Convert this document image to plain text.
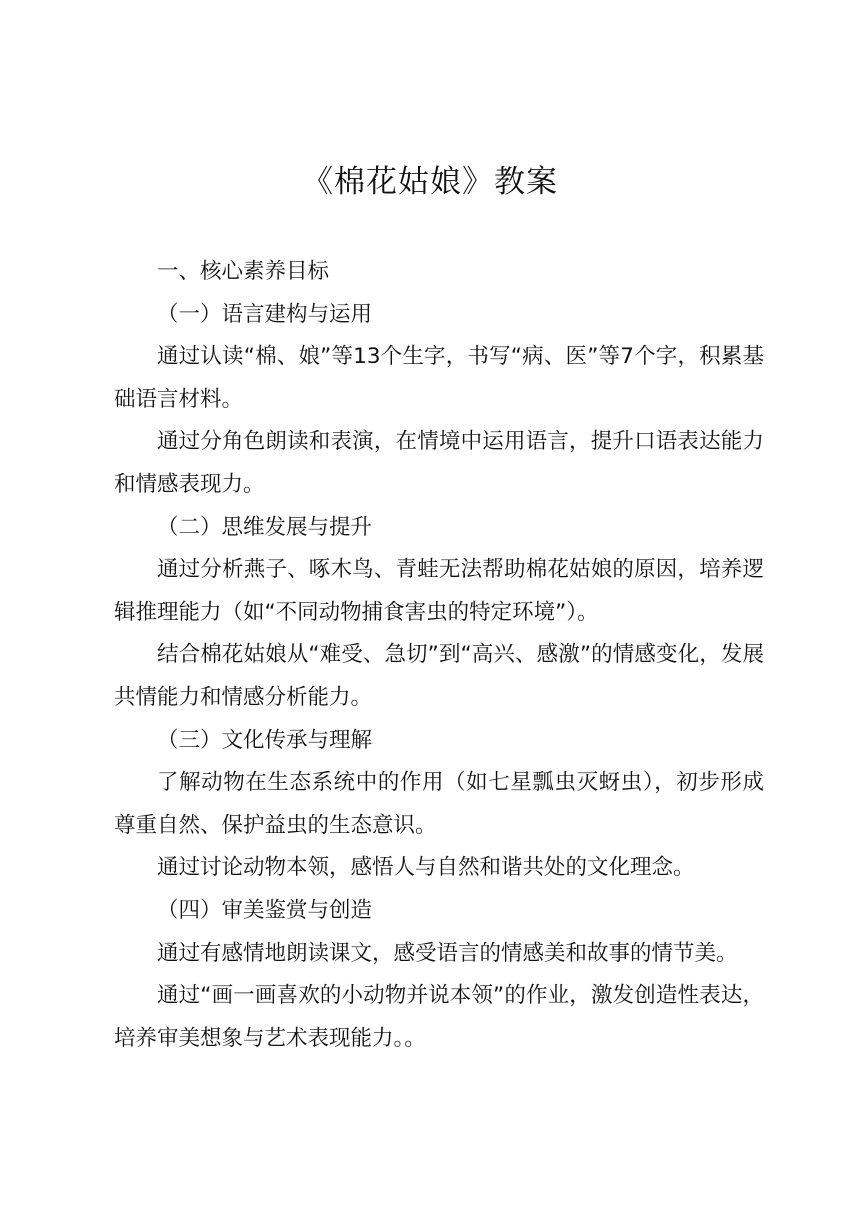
《棉花姑娘》教案

一、核心素养目标

（一）语言建构与运用

通过认读“棉、娘”等13个生字，书写“病、医”等7个字，积累基础语言材料。

通过分角色朗读和表演，在情境中运用语言，提升口语表达能力和情感表现力。

（二）思维发展与提升

通过分析燕子、啄木鸟、青蛙无法帮助棉花姑娘的原因，培养逻辑推理能力（如“不同动物捕食害虫的特定环境”）。

结合棉花姑娘从“难受、急切”到“高兴、感激”的情感变化，发展共情能力和情感分析能力。

（三）文化传承与理解

了解动物在生态系统中的作用（如七星瓢虫灭蚜虫），初步形成尊重自然、保护益虫的生态意识。

通过讨论动物本领，感悟人与自然和谐共处的文化理念。

（四）审美鉴赏与创造

通过有感情地朗读课文，感受语言的情感美和故事的情节美。

通过“画一画喜欢的小动物并说本领”的作业，激发创造性表达，培养审美想象与艺术表现能力。。
